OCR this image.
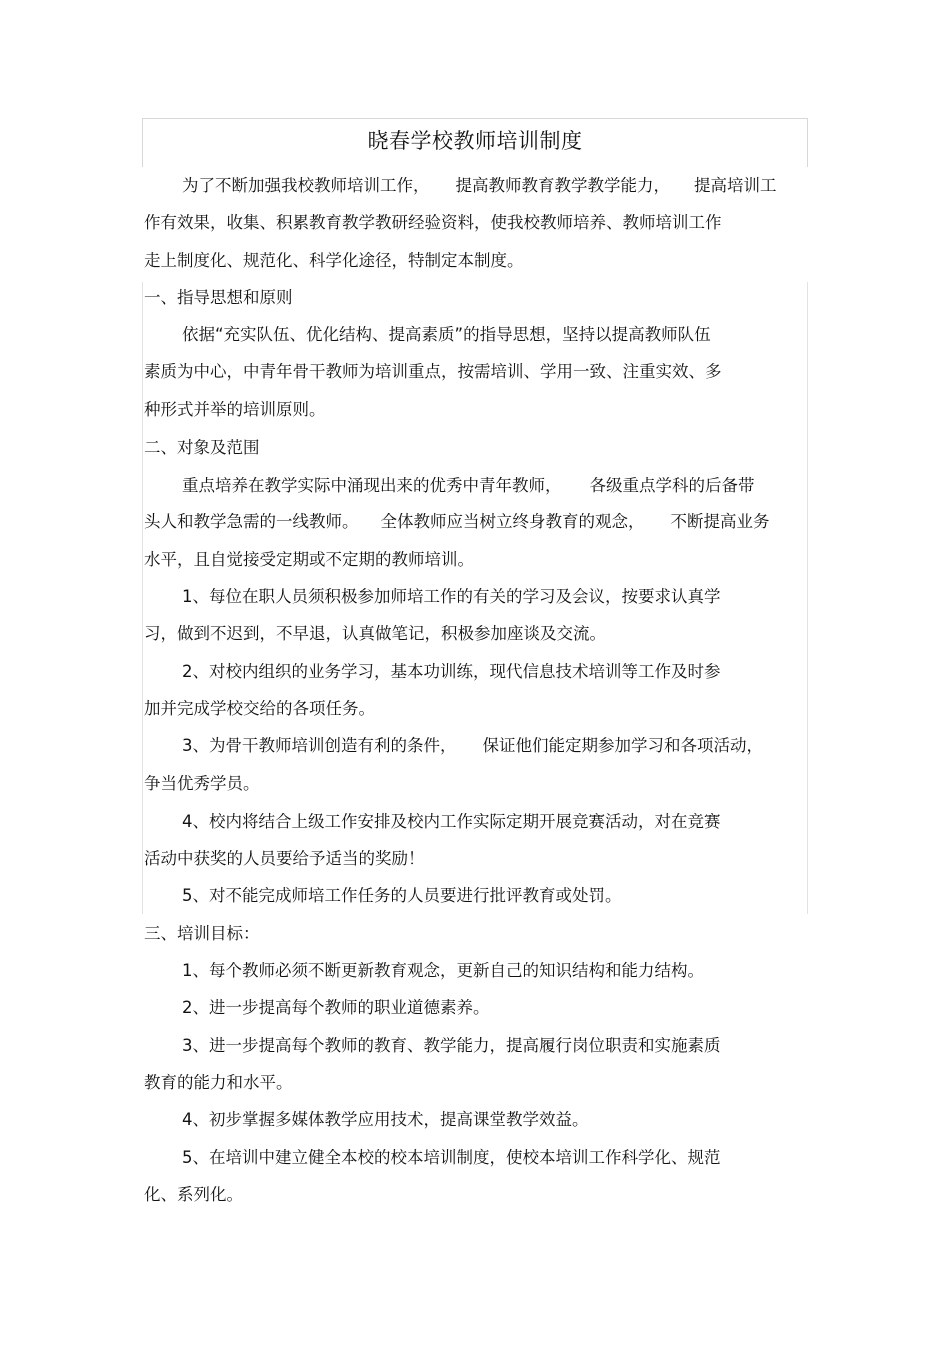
晓春学校教师培训制度
为了不断加强我校教师培训工作， 提高教师教育教学教学能力， 提高培训工
作有效果，收集、积累教育教学教研经验资料，使我校教师培养、教师培训工作
走上制度化、规范化、科学化途径，特制定本制度。
一、指导思想和原则
依据“充实队伍、优化结构、提高素质”的指导思想，坚持以提高教师队伍
素质为中心，中青年骨干教师为培训重点，按需培训、学用一致、注重实效、多
种形式并举的培训原则。
二、对象及范围
重点培养在教学实际中涌现出来的优秀中青年教师， 各级重点学科的后备带
头人和教学急需的一线教师。 全体教师应当树立终身教育的观念， 不断提高业务
水平，且自觉接受定期或不定期的教师培训。
1、每位在职人员须积极参加师培工作的有关的学习及会议，按要求认真学
习，做到不迟到，不早退，认真做笔记，积极参加座谈及交流。
2、对校内组织的业务学习，基本功训练，现代信息技术培训等工作及时参
加并完成学校交给的各项任务。
3、为骨干教师培训创造有利的条件， 保证他们能定期参加学习和各项活动，
争当优秀学员。
4、校内将结合上级工作安排及校内工作实际定期开展竞赛活动，对在竞赛
活动中获奖的人员要给予适当的奖励！
5、对不能完成师培工作任务的人员要进行批评教育或处罚。
三、培训目标：
1、每个教师必须不断更新教育观念，更新自己的知识结构和能力结构。
2、进一步提高每个教师的职业道德素养。
3、进一步提高每个教师的教育、教学能力，提高履行岗位职责和实施素质
教育的能力和水平。
4、初步掌握多媒体教学应用技术，提高课堂教学效益。
5、在培训中建立健全本校的校本培训制度，使校本培训工作科学化、规范
化、系列化。
